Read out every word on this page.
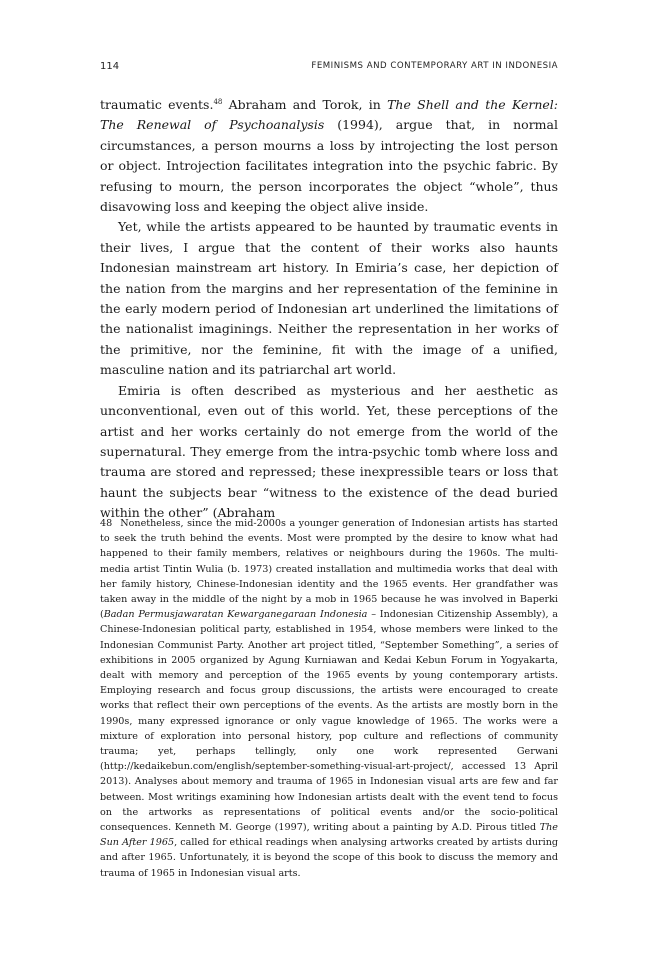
114	FEMINISMS AND CONTEMPORARY ART IN INDONESIA

traumatic events.$^{48}$ Abraham and Torok, in The Shell and the Kernel: The Renewal of Psychoanalysis (1994), argue that, in normal circumstances, a person mourns a loss by introjecting the lost person or object. Introjection facilitates integration into the psychic fabric. By refusing to mourn, the person incorporates the object “whole”, thus disavowing loss and keeping the object alive inside.

Yet, while the artists appeared to be haunted by traumatic events in their lives, I argue that the content of their works also haunts Indonesian mainstream art history. In Emiria’s case, her depiction of the nation from the margins and her representation of the feminine in the early modern period of Indonesian art underlined the limitations of the nationalist imaginings. Neither the representation in her works of the primitive, nor the feminine, fit with the image of a unified, masculine nation and its patriarchal art world.

Emiria is often described as mysterious and her aesthetic as unconventional, even out of this world. Yet, these perceptions of the artist and her works certainly do not emerge from the world of the supernatural. They emerge from the intra-psychic tomb where loss and trauma are stored and repressed; these inexpressible tears or loss that haunt the subjects bear “witness to the existence of the dead buried within the other” (Abraham

48 Nonetheless, since the mid-2000s a younger generation of Indonesian artists has started to seek the truth behind the events. Most were prompted by the desire to know what had happened to their family members, relatives or neighbours during the 1960s. The multi-media artist Tintin Wulia (b. 1973) created installation and multimedia works that deal with her family history, Chinese-Indonesian identity and the 1965 events. Her grandfather was taken away in the middle of the night by a mob in 1965 because he was involved in Baperki (Badan Permusjawaratan Kewarganegaraan Indonesia – Indonesian Citizenship Assembly), a Chinese-Indonesian political party, established in 1954, whose members were linked to the Indonesian Communist Party. Another art project titled, “September Something”, a series of exhibitions in 2005 organized by Agung Kurniawan and Kedai Kebun Forum in Yogyakarta, dealt with memory and perception of the 1965 events by young contemporary artists. Employing research and focus group discussions, the artists were encouraged to create works that reflect their own perceptions of the events. As the artists are mostly born in the 1990s, many expressed ignorance or only vague knowledge of 1965. The works were a mixture of exploration into personal history, pop culture and reflections of community trauma; yet, perhaps tellingly, only one work represented Gerwani (http://kedaikebun.com/english/september-something-visual-art-project/, accessed 13 April 2013). Analyses about memory and trauma of 1965 in Indonesian visual arts are few and far between. Most writings examining how Indonesian artists dealt with the event tend to focus on the artworks as representations of political events and/or the socio-political consequences. Kenneth M. George (1997), writing about a painting by A.D. Pirous titled The Sun After 1965, called for ethical readings when analysing artworks created by artists during and after 1965. Unfortunately, it is beyond the scope of this book to discuss the memory and trauma of 1965 in Indonesian visual arts.
